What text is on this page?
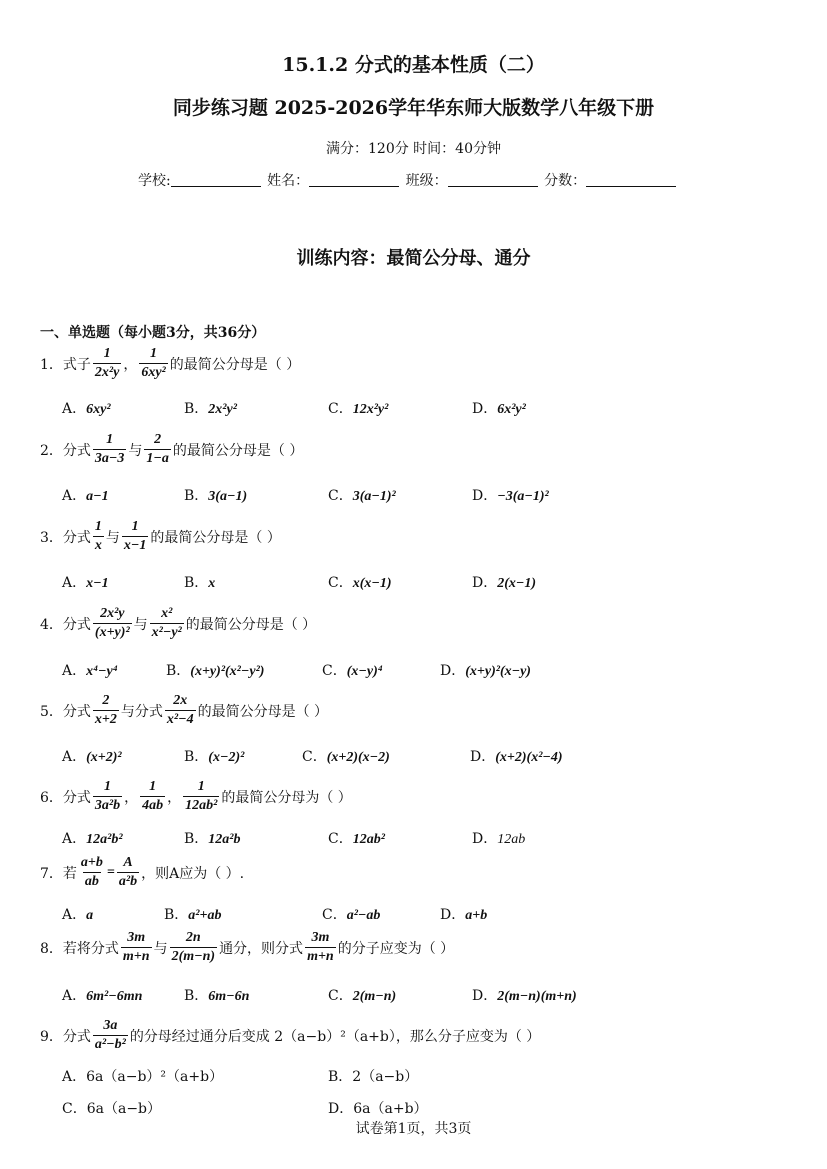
15.1.2 分式的基本性质（二）
同步练习题 2025-2026学年华东师大版数学八年级下册
满分：120分 时间：40分钟
学校:	姓名：	班级：	分数：
训练内容：最简公分母、通分
一、单选题（每小题3分，共36分）
1． 式子 $\frac{1}{\text{2x²y}}$ ， $\frac{1}{\text{6xy²}}$ 的最简公分母是（ ）
A．6xy²	B．2x²y²	C．12x²y²	D．6x²y²
2． 分式 $\frac{1}{3a-3}$ 与 $\frac{2}{1-a}$ 的最简公分母是（ ）
A．a−1	B．3(a−1)	C．3(a−1)²	D．−3(a−1)²
3． 分式 $\frac{1}{x}$ 与 $\frac{1}{x-1}$ 的最简公分母是（ ）
A．x−1	B．x	C．x(x−1)	D．2(x−1)
4． 分式 $\frac{\text{2x²y}}{\text{(x+y)²}}$ 与 $\frac{\text{x²}}{\text{x²−y²}}$ 的最简公分母是（ ）
A．x⁴−y⁴	B．(x+y)²(x²−y²)	C．(x−y)⁴	D．(x+y)²(x−y)
5． 分式 $\frac{2}{x+2}$ 与分式 $\frac{2x}{\text{x²−4}}$ 的最简公分母是（ ）
A．(x+2)²	B．(x−2)²	C．(x+2)(x−2)	D．(x+2)(x²−4)
6． 分式 $\frac{1}{\text{3a²b}}$ ， $\frac{1}{4ab}$ ， $\frac{1}{\text{12ab²}}$ 的最简公分母为（ ）
A．12a²b²	B．12a²b	C．12ab²	D．12ab
7． 若 $\frac{a+b}{ab} = \frac{A}{\text{a²b}}$ ，则A应为（ ）.
A．a	B．a²+ab	C．a²−ab	D．a+b
8． 若将分式 $\frac{3m}{m+n}$ 与 $\frac{2n}{2(m-n)}$ 通分，则分式 $\frac{3m}{m+n}$ 的分子应变为（ ）
A．6m²−6mn	B．6m−6n	C．2(m−n)	D．2(m−n)(m+n)
9． 分式 $\frac{3a}{\text{a²−b²}}$ 的分母经过通分后变成 2（a−b）²（a+b），那么分子应变为（ ）
A．6a（a−b）²（a+b）	B．2（a−b）
C．6a（a−b）	D．6a（a+b）
试卷第1页，共3页
